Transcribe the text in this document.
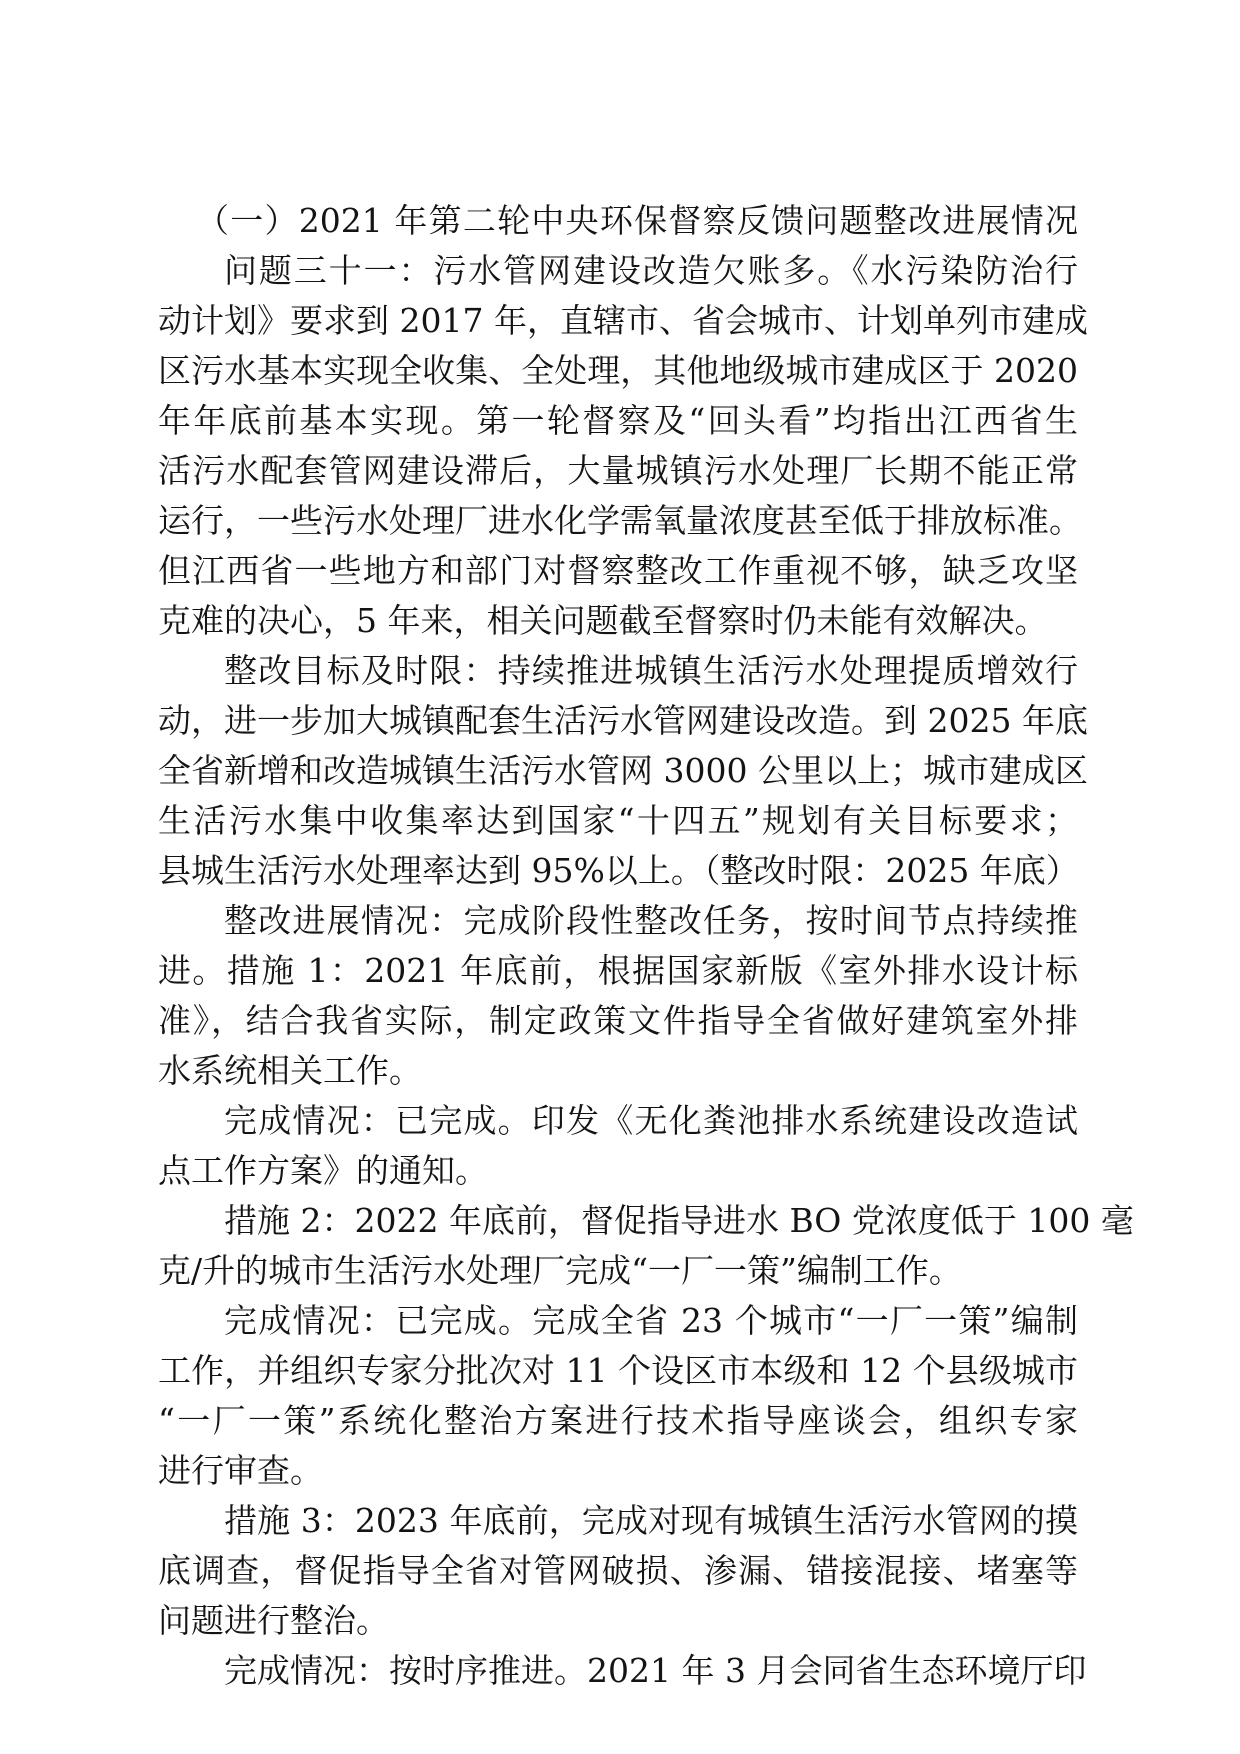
（一）2021 年第二轮中央环保督察反馈问题整改进展情况
问题三十一：污水管网建设改造欠账多。《水污染防治行
动计划》要求到 2017 年，直辖市、省会城市、计划单列市建成
区污水基本实现全收集、全处理，其他地级城市建成区于 2020
年年底前基本实现。第一轮督察及“回头看”均指出江西省生
活污水配套管网建设滞后，大量城镇污水处理厂长期不能正常
运行，一些污水处理厂进水化学需氧量浓度甚至低于排放标准。
但江西省一些地方和部门对督察整改工作重视不够，缺乏攻坚
克难的决心，5 年来，相关问题截至督察时仍未能有效解决。
整改目标及时限：持续推进城镇生活污水处理提质增效行
动，进一步加大城镇配套生活污水管网建设改造。到 2025 年底
全省新增和改造城镇生活污水管网 3000 公里以上；城市建成区
生活污水集中收集率达到国家“十四五”规划有关目标要求；
县城生活污水处理率达到 95%以上。（整改时限：2025 年底）
整改进展情况：完成阶段性整改任务，按时间节点持续推
进。措施 1：2021 年底前，根据国家新版《室外排水设计标
准》，结合我省实际，制定政策文件指导全省做好建筑室外排
水系统相关工作。
完成情况：已完成。印发《无化粪池排水系统建设改造试
点工作方案》的通知。
措施 2：2022 年底前，督促指导进水 BO 党浓度低于 100 毫
克/升的城市生活污水处理厂完成“一厂一策”编制工作。
完成情况：已完成。完成全省 23 个城市“一厂一策”编制
工作，并组织专家分批次对 11 个设区市本级和 12 个县级城市
“一厂一策”系统化整治方案进行技术指导座谈会，组织专家
进行审查。
措施 3：2023 年底前，完成对现有城镇生活污水管网的摸
底调查，督促指导全省对管网破损、渗漏、错接混接、堵塞等
问题进行整治。
完成情况：按时序推进。2021 年 3 月会同省生态环境厅印
